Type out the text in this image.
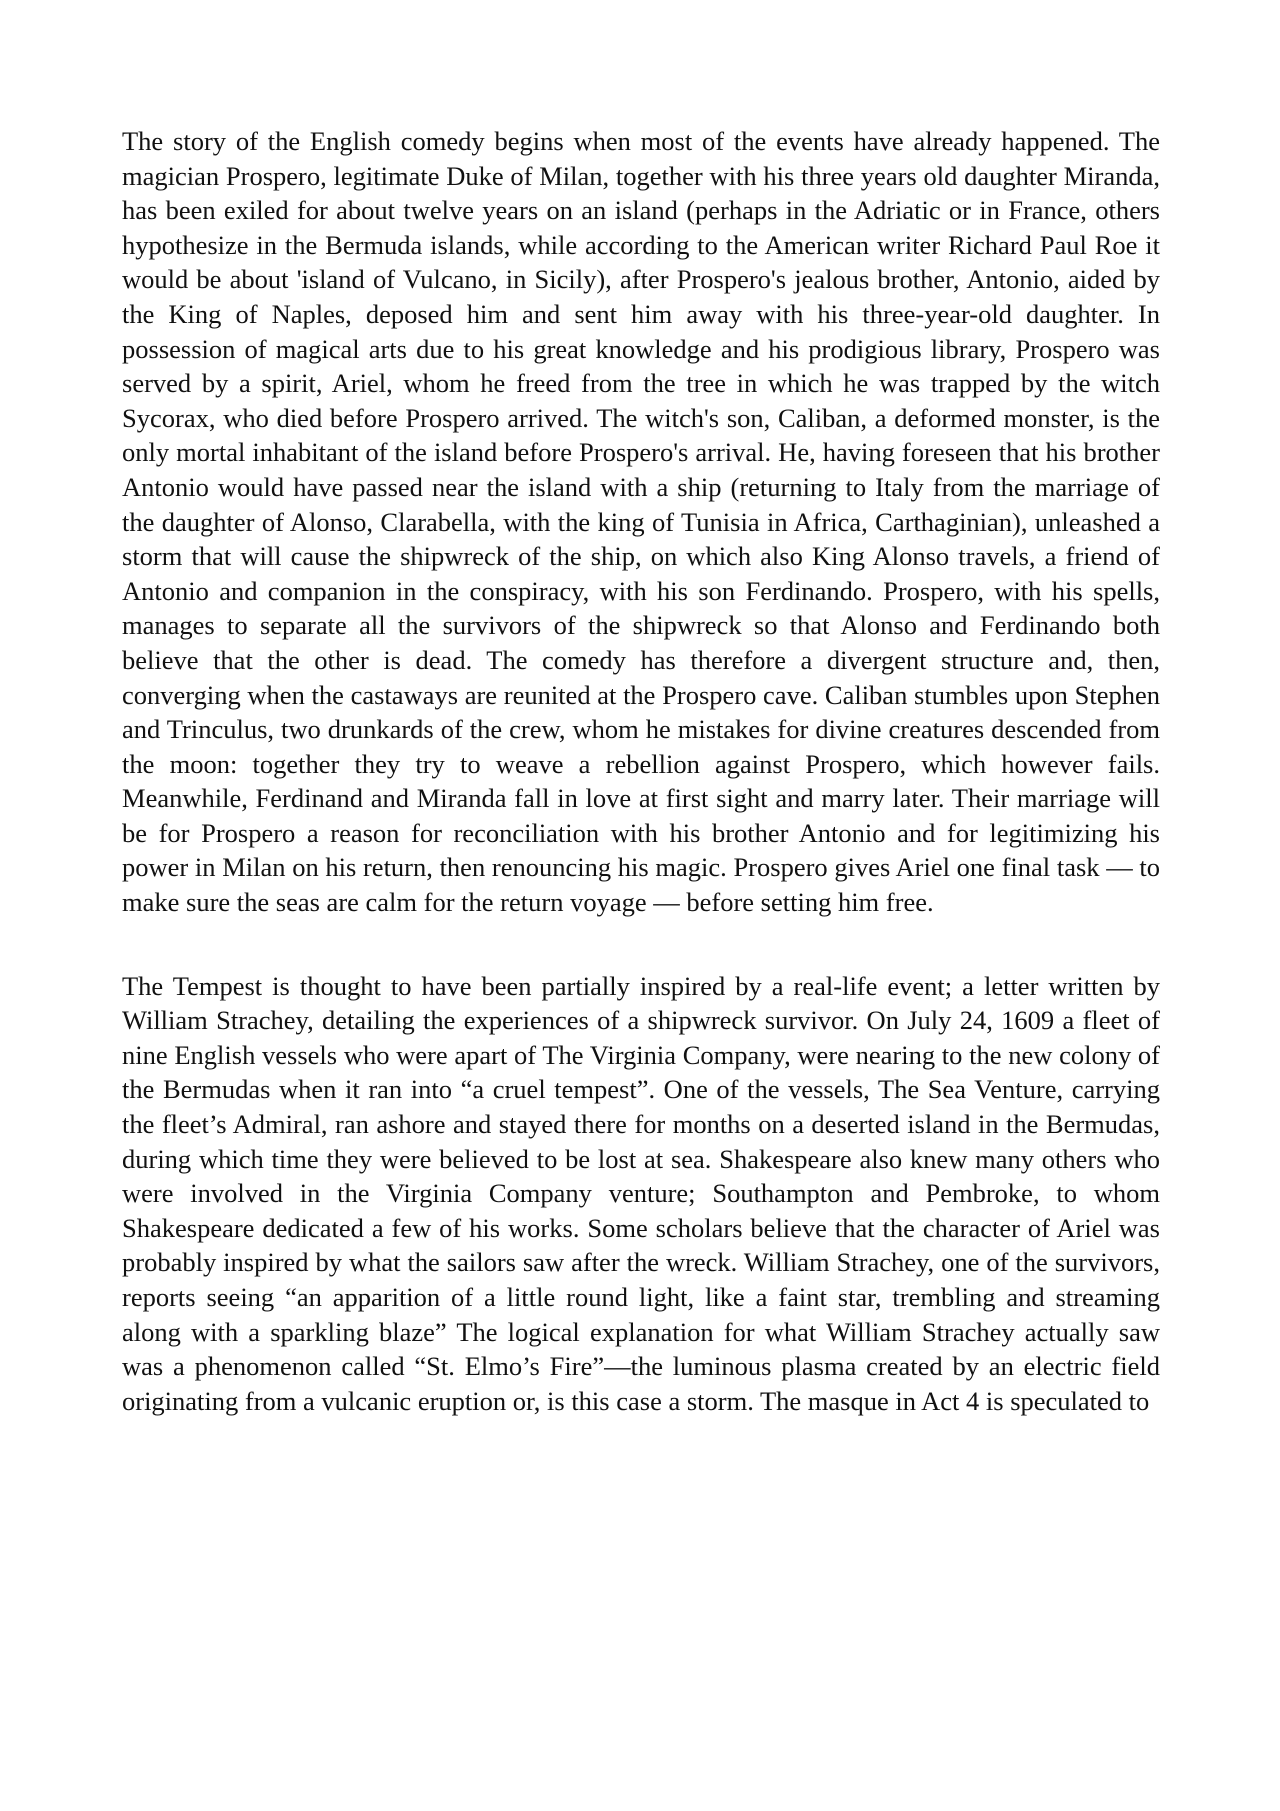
The story of the English comedy begins when most of the events have already happened. The magician Prospero, legitimate Duke of Milan, together with his three years old daughter Miranda, has been exiled for about twelve years on an island (perhaps in the Adriatic or in France, others hypothesize in the Bermuda islands, while according to the American writer Richard Paul Roe it would be about 'island of Vulcano, in Sicily), after Prospero's jealous brother, Antonio, aided by the King of Naples, deposed him and sent him away with his three-year-old daughter. In possession of magical arts due to his great knowledge and his prodigious library, Prospero was served by a spirit, Ariel, whom he freed from the tree in which he was trapped by the witch Sycorax, who died before Prospero arrived. The witch's son, Caliban, a deformed monster, is the only mortal inhabitant of the island before Prospero's arrival. He, having foreseen that his brother Antonio would have passed near the island with a ship (returning to Italy from the marriage of the daughter of Alonso, Clarabella, with the king of Tunisia in Africa, Carthaginian), unleashed a storm that will cause the shipwreck of the ship, on which also King Alonso travels, a friend of Antonio and companion in the conspiracy, with his son Ferdinando. Prospero, with his spells, manages to separate all the survivors of the shipwreck so that Alonso and Ferdinando both believe that the other is dead. The comedy has therefore a divergent structure and, then, converging when the castaways are reunited at the Prospero cave. Caliban stumbles upon Stephen and Trinculus, two drunkards of the crew, whom he mistakes for divine creatures descended from the moon: together they try to weave a rebellion against Prospero, which however fails. Meanwhile, Ferdinand and Miranda fall in love at first sight and marry later. Their marriage will be for Prospero a reason for reconciliation with his brother Antonio and for legitimizing his power in Milan on his return, then renouncing his magic. Prospero gives Ariel one final task — to make sure the seas are calm for the return voyage — before setting him free.

The Tempest is thought to have been partially inspired by a real-life event; a letter written by William Strachey, detailing the experiences of a shipwreck survivor. On July 24, 1609 a fleet of nine English vessels who were apart of The Virginia Company, were nearing to the new colony of the Bermudas when it ran into “a cruel tempest”. One of the vessels, The Sea Venture, carrying the fleet’s Admiral, ran ashore and stayed there for months on a deserted island in the Bermudas, during which time they were believed to be lost at sea. Shakespeare also knew many others who were involved in the Virginia Company venture; Southampton and Pembroke, to whom Shakespeare dedicated a few of his works. Some scholars believe that the character of Ariel was probably inspired by what the sailors saw after the wreck. William Strachey, one of the survivors, reports seeing “an apparition of a little round light, like a faint star, trembling and streaming along with a sparkling blaze” The logical explanation for what William Strachey actually saw was a phenomenon called “St. Elmo’s Fire”—the luminous plasma created by an electric field originating from a vulcanic eruption or, is this case a storm. The masque in Act 4 is speculated to
